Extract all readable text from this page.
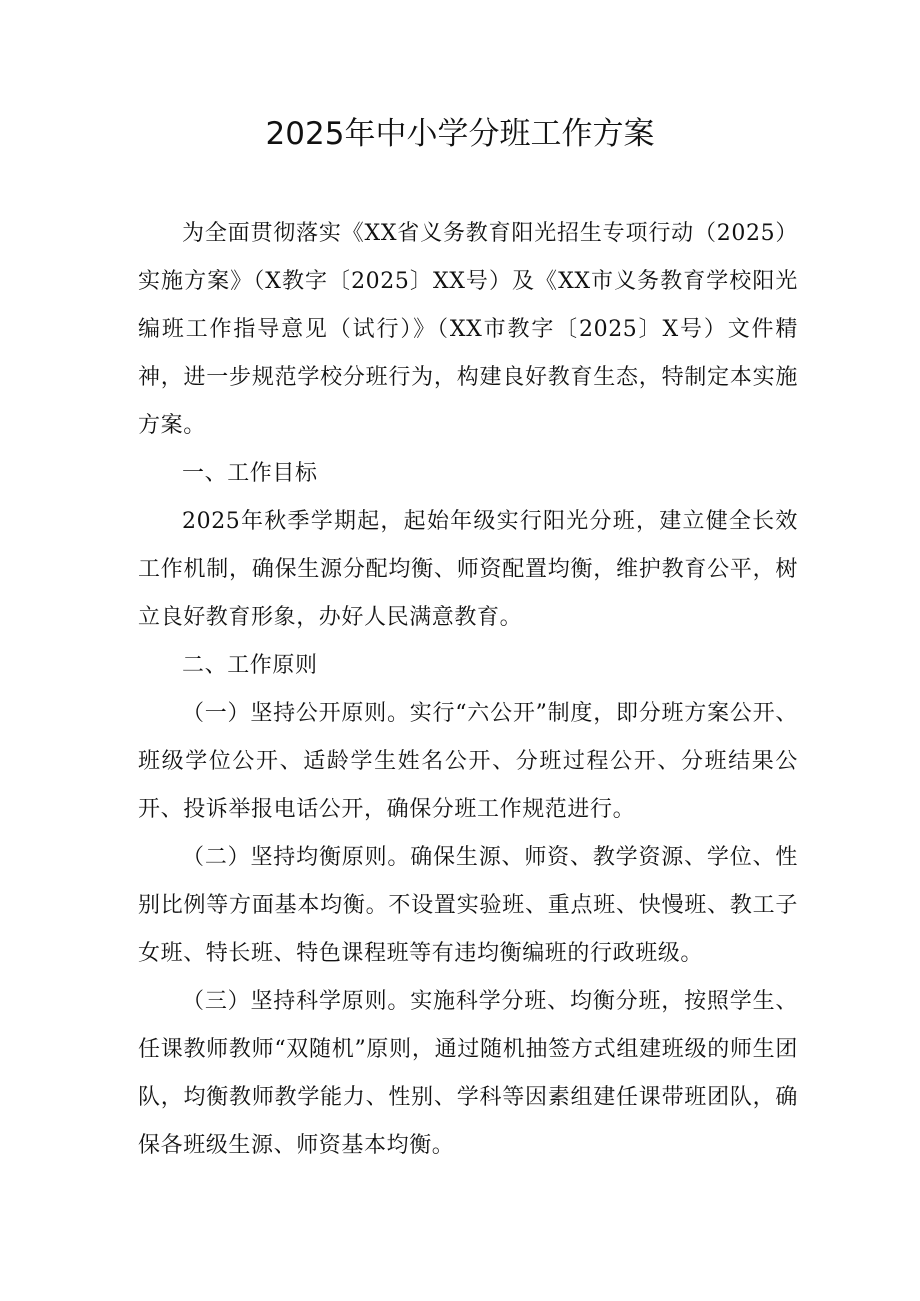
2025年中小学分班工作方案

为全面贯彻落实《XX省义务教育阳光招生专项行动（2025）实施方案》（X教字〔2025〕XX号）及《XX市义务教育学校阳光编班工作指导意见（试行）》（XX市教字〔2025〕X号）文件精神，进一步规范学校分班行为，构建良好教育生态，特制定本实施方案。

一、工作目标

2025年秋季学期起，起始年级实行阳光分班，建立健全长效工作机制，确保生源分配均衡、师资配置均衡，维护教育公平，树立良好教育形象，办好人民满意教育。

二、工作原则

（一）坚持公开原则。实行“六公开”制度，即分班方案公开、班级学位公开、适龄学生姓名公开、分班过程公开、分班结果公开、投诉举报电话公开，确保分班工作规范进行。

（二）坚持均衡原则。确保生源、师资、教学资源、学位、性别比例等方面基本均衡。不设置实验班、重点班、快慢班、教工子女班、特长班、特色课程班等有违均衡编班的行政班级。

（三）坚持科学原则。实施科学分班、均衡分班，按照学生、任课教师教师“双随机”原则，通过随机抽签方式组建班级的师生团队，均衡教师教学能力、性别、学科等因素组建任课带班团队，确保各班级生源、师资基本均衡。
